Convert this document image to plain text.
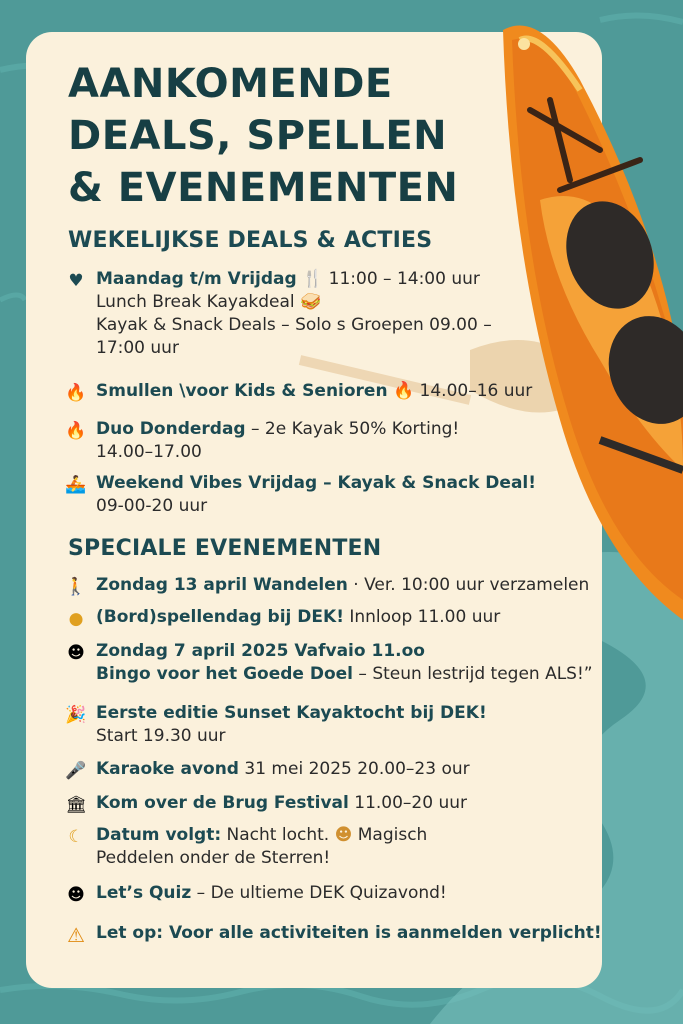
AANKOMENDE DEALS, SPELLEN & EVENEMENTEN
WEKELIJKSE DEALS & ACTIES
♥ Maandag t/m Vrijdag 🍴 11:00 – 14:00 uur
Lunch Break Kayakdeal 🥪
Kayak & Snack Deals – Solo s Groepen 09.00 –
17:00 uur
🔥 Smullen \voor Kids & Senioren 🔥 14.00–16 uur
🔥 Duo Donderdag – 2e Kayak 50% Korting!
14.00–17.00
🚣 Weekend Vibes Vrijdag – Kayak & Snack Deal!
09-00-20 uur
SPECIALE EVENEMENTEN
🚶 Zondag 13 april Wandelen · Ver. 10:00 uur verzamelen
● (Bord)spellendag bij DEK! Innloop 11.00 uur
☻ Zondag 7 april 2025 Vafvaio 11.oo
Bingo voor het Goede Doel – Steun lestrijd tegen ALS!”
🎉 Eerste editie Sunset Kayaktocht bij DEK!
Start 19.30 uur
🎤 Karaoke avond 31 mei 2025 20.00–23 our
🏛 Kom over de Brug Festival 11.00–20 uur
☾ Datum volgt: Nacht locht. ☻ Magisch
Peddelen onder de Sterren!
☻ Let’s Quiz – De ultieme DEK Quizavond!
⚠ Let op: Voor alle activiteiten is aanmelden verplicht!
